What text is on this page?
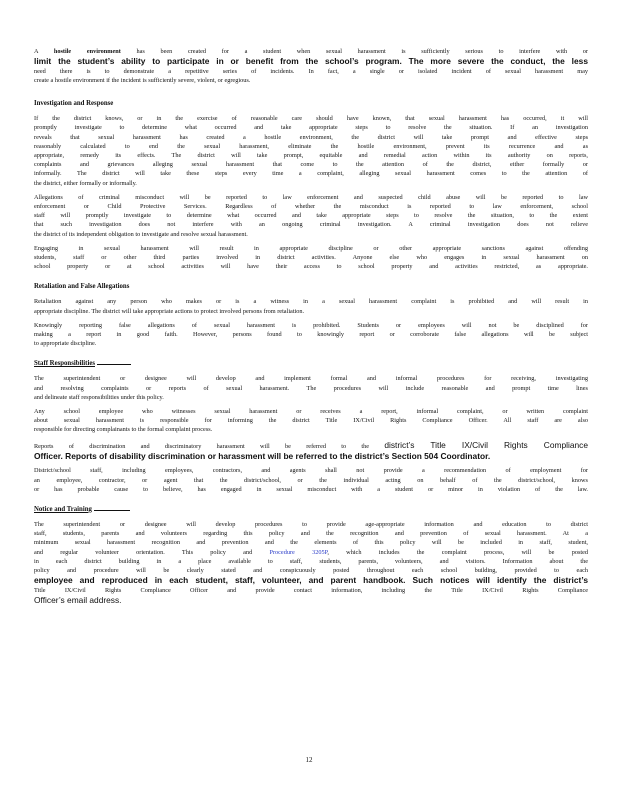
A	hostile environment	has been created for a student when sexual harassment is sufficiently serious to interfere with or

limit the student’s ability to participate in or benefit from the school’s program. The more severe the conduct, the less

need there is to demonstrate a repetitive series of incidents. In fact, a single or isolated incident of sexual harassment may

create a hostile environment if the incident is sufficiently severe, violent, or egregious.

Investigation and Response

If the district knows, or in the exercise of reasonable care should have known, that sexual harassment has occurred, it will

promptly investigate to determine what occurred and take appropriate steps to resolve the situation. If an investigation

reveals that sexual harassment has created a hostile environment, the district will take prompt and effective steps

reasonably calculated to end the sexual harassment, eliminate the hostile environment, prevent its recurrence and as

appropriate, remedy its effects. The district will take prompt, equitable and remedial action within its authority on reports,

complaints and grievances alleging sexual harassment that come to the attention of the district, either formally or

informally. The district will take these steps every time a complaint, alleging sexual harassment comes to the attention of

the district, either formally or informally.

Allegations of criminal misconduct will be reported to law enforcement and suspected child abuse will be reported to law

enforcement or Child Protective Services. Regardless of whether the misconduct is reported to law enforcement, school

staff will promptly investigate to determine what occurred and take appropriate steps to resolve the situation, to the extent

that such investigation does not interfere with an ongoing criminal investigation. A criminal investigation does not relieve

the district of its independent obligation to investigate and resolve sexual harassment.

Engaging in sexual harassment will result in appropriate discipline or other appropriate sanctions against offending

students, staff or other third parties involved in district activities. Anyone else who engages in sexual harassment on

school property or at school activities will have their access to school property and activities restricted, as appropriate.

Retaliation and False Allegations

Retaliation against any person who makes or is a witness in a sexual harassment complaint is prohibited and will result in

appropriate discipline. The district will take appropriate actions to protect involved persons from retaliation.

Knowingly reporting false allegations of sexual harassment is prohibited. Students or employees will not be disciplined for

making a report in good faith. However, persons found to knowingly report or corroborate false allegations will be subject

to appropriate discipline.

Staff Responsibilities

The superintendent or designee will develop and implement formal and informal procedures for receiving, investigating

and resolving complaints or reports of sexual harassment. The procedures will include reasonable and prompt time lines

and delineate staff responsibilities under this policy.

Any school employee who witnesses sexual harassment or receives a report, informal complaint, or written complaint

about sexual harassment is responsible for informing the district Title IX/Civil Rights Compliance Officer. All staff are also

responsible for directing complainants to the formal complaint process.

Reports of discrimination and discriminatory harassment will be referred to the district’s Title IX/Civil Rights Compliance

Officer. Reports of disability discrimination or harassment will be referred to the district’s Section 504 Coordinator.

District/school staff, including employees, contractors, and agents shall not provide a recommendation of employment for

an employee, contractor, or agent that the district/school, or the individual acting on behalf of the district/school, knows

or has probable cause to believe, has engaged in sexual misconduct with a student or minor in violation of the law.

Notice and Training

The superintendent or designee will develop procedures to provide age-appropriate information and education to district

staff, students, parents and volunteers regarding this policy and the recognition and prevention of sexual harassment. At a

minimum sexual harassment recognition and prevention and the elements of this policy will be included in staff, student,

and regular volunteer orientation. This policy and	Procedure 3205P, which includes the complaint process, will be posted

in each district building in a place available to staff, students, parents, volunteers, and visitors. Information about the

policy and procedure will be clearly stated and conspicuously posted throughout each school building, provided to each

employee and reproduced in each student, staff, volunteer, and parent handbook. Such notices will identify the district’s

Title IX/Civil Rights Compliance Officer and provide contact information, including the Title IX/Civil Rights Compliance

Officer’s email address.

12
